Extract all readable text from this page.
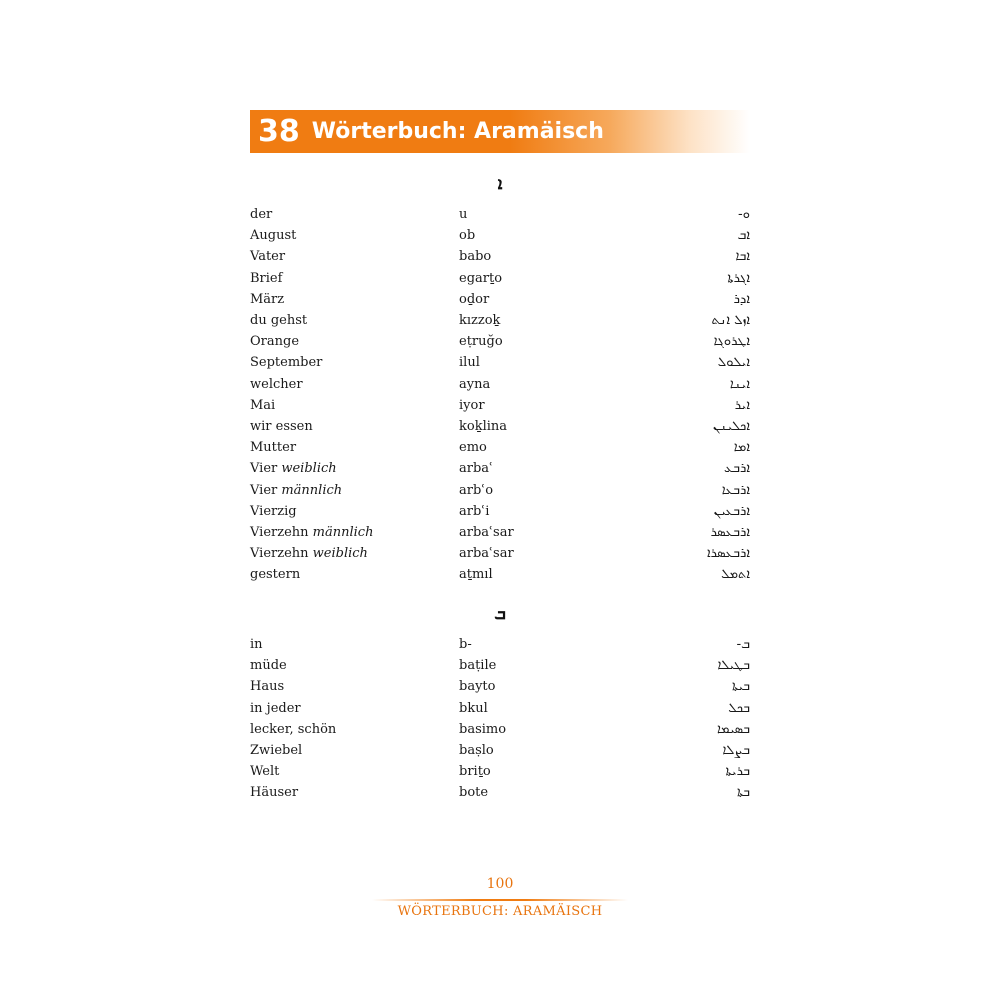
38 Wörterbuch: Aramäisch
ܐ
der	u	ܘ-
August	ob	ܐܒ
Vater	babo	ܐܒܐ
Brief	egarṯo	ܐܓܪܬܐ
März	oḏor	ܐܕܪ
du gehst	kızzoḵ	ܐܙܠ ܐܢܬ
Orange	eṭruğo	ܐܛܪܘܓܐ
September	ilul	ܐܝܠܘܠ
welcher	ayna	ܐܝܢܐ
Mai	iyor	ܐܝܪ
wir essen	koḵlina	ܐܟܠܝܢܢ
Mutter	emo	ܐܡܐ
Vier weiblich	arbaʿ	ܐܪܒܥ
Vier männlich	arbʿo	ܐܪܒܥܐ
Vierzig	arbʿi	ܐܪܒܥܝܢ
Vierzehn männlich	arbaʿsar	ܐܪܒܥܣܪ
Vierzehn weiblich	arbaʿsar	ܐܪܒܥܣܪܐ
gestern	aṯmıl	ܐܬܡܠ
ܒ
in	b-	ܒ-
müde	baṭile	ܒܛܝܠܐ
Haus	bayto	ܒܝܬܐ
in jeder	bkul	ܒܟܠ
lecker, schön	basimo	ܒܣܝܡܐ
Zwiebel	baṣlo	ܒܨܠܐ
Welt	briṯo	ܒܪܝܬܐ
Häuser	bote	ܒܬܐ
100
WÖRTERBUCH: ARAMÄISCH
